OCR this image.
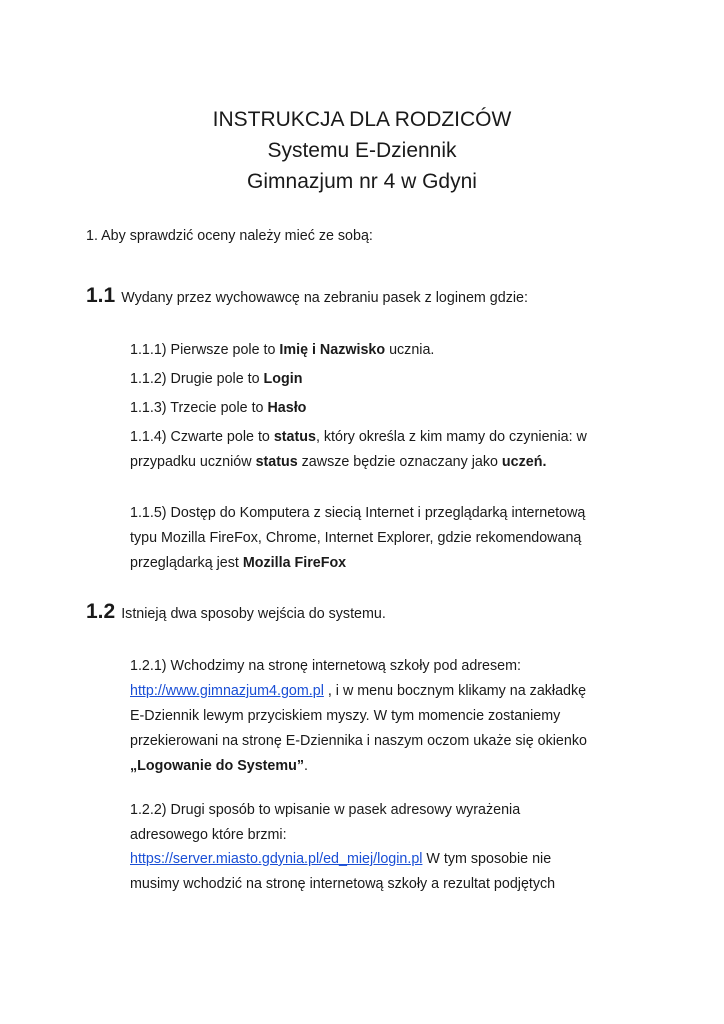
INSTRUKCJA DLA RODZICÓW
Systemu E-Dziennik
Gimnazjum nr 4 w Gdyni
1. Aby sprawdzić oceny należy mieć ze sobą:
1.1 Wydany przez wychowawcę na zebraniu pasek z loginem gdzie:
1.1.1) Pierwsze pole to Imię i Nazwisko ucznia.
1.1.2) Drugie pole to Login
1.1.3) Trzecie pole to Hasło
1.1.4) Czwarte pole to status, który określa z kim mamy do czynienia: w
przypadku uczniów status zawsze będzie oznaczany jako uczeń.
1.1.5) Dostęp do Komputera z siecią Internet i przeglądarką internetową
typu Mozilla FireFox, Chrome, Internet Explorer, gdzie rekomendowaną
przeglądarką jest Mozilla FireFox
1.2 Istnieją dwa sposoby wejścia do systemu.
1.2.1) Wchodzimy na stronę internetową szkoły pod adresem:
http://www.gimnazjum4.gom.pl , i w menu bocznym klikamy na zakładkę
E-Dziennik lewym przyciskiem myszy. W tym momencie zostaniemy
przekierowani na stronę E-Dziennika i naszym oczom ukaże się okienko
„Logowanie do Systemu”.
1.2.2) Drugi sposób to wpisanie w pasek adresowy wyrażenia
adresowego które brzmi:
https://server.miasto.gdynia.pl/ed_miej/login.pl W tym sposobie nie
musimy wchodzić na stronę internetową szkoły a rezultat podjętych
